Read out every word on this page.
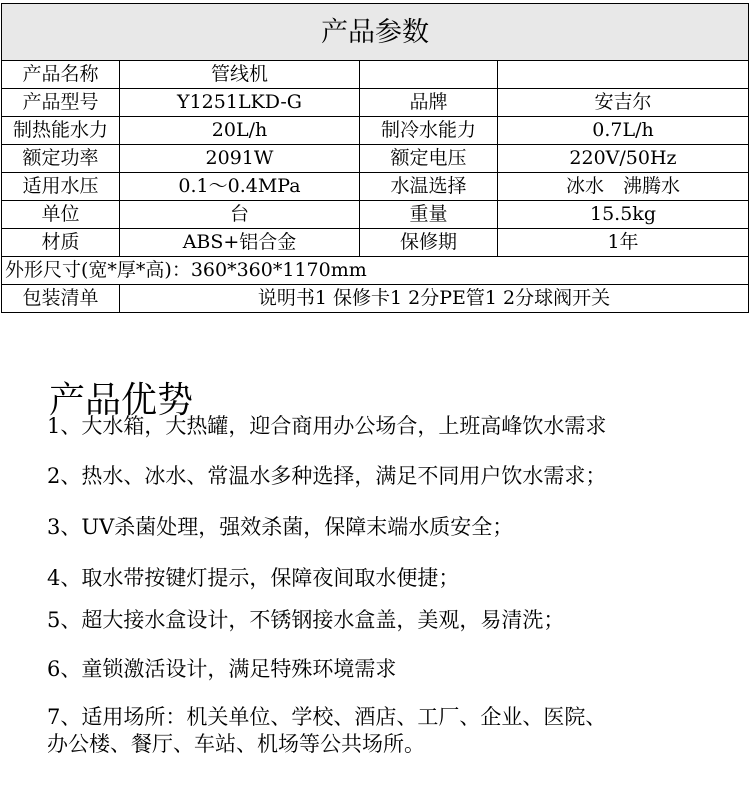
产品参数			
产品名称	管线机		
产品型号	Y1251LKD-G	品牌	安吉尔
制热能水力	20L/h	制冷水能力	0.7L/h
额定功率	2091W	额定电压	220V/50Hz
适用水压	0.1～0.4MPa	水温选择	冰水　沸腾水
单位	台	重量	15.5kg
材质	ABS+铝合金	保修期	1年
外形尺寸(宽*厚*高)：360*360*1170mm			
包装清单	说明书1 保修卡1 2分PE管1 2分球阀开关		
产品优势
1、大水箱，大热罐，迎合商用办公场合，上班高峰饮水需求
2、热水、冰水、常温水多种选择，满足不同用户饮水需求；
3、UV杀菌处理，强效杀菌，保障末端水质安全；
4、取水带按键灯提示，保障夜间取水便捷；
5、超大接水盒设计，不锈钢接水盒盖，美观，易清洗；
6、童锁激活设计，满足特殊环境需求
7、适用场所：机关单位、学校、酒店、工厂、企业、医院、
办公楼、餐厅、车站、机场等公共场所。
